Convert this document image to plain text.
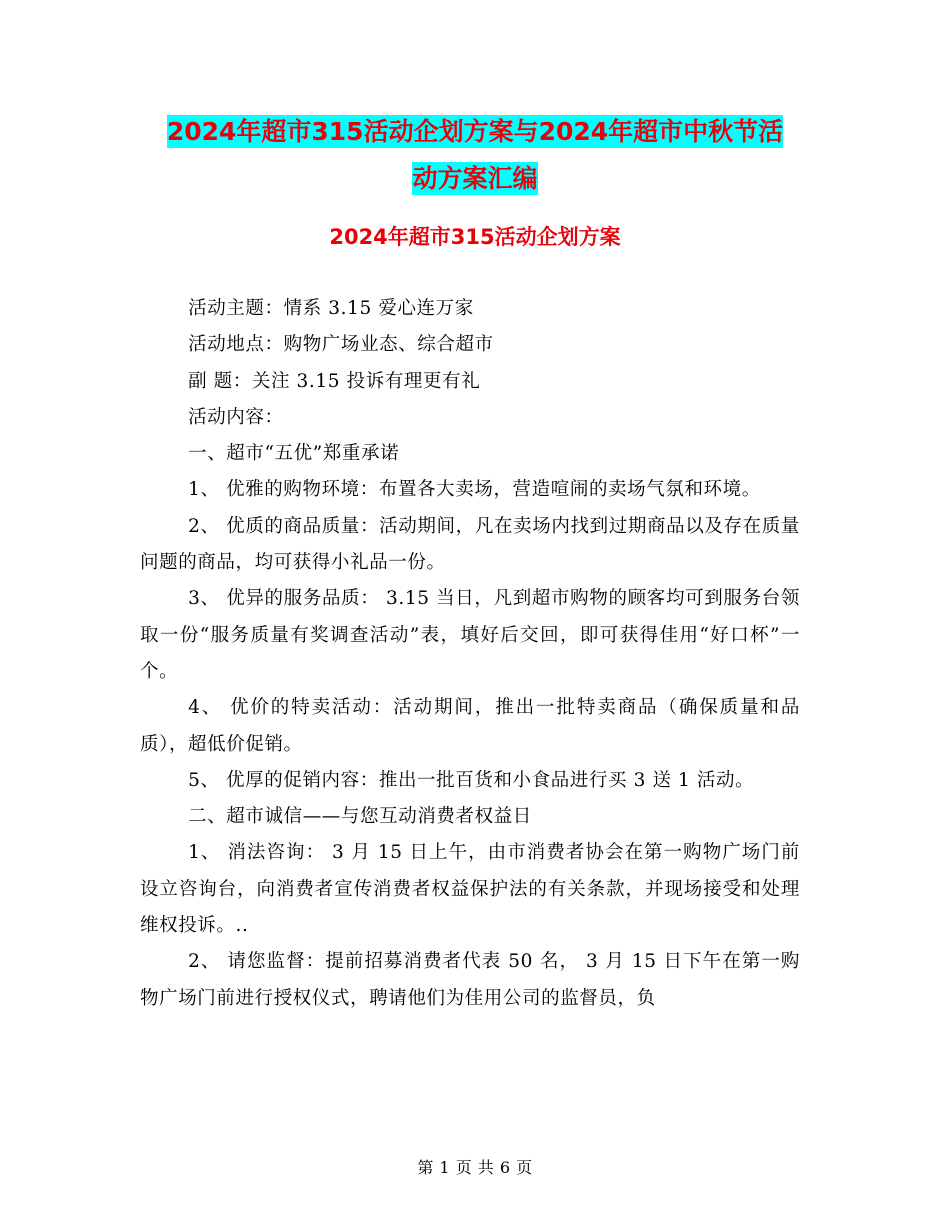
2024年超市315活动企划方案与2024年超市中秋节活
动方案汇编
2024年超市315活动企划方案

活动主题：情系 3.15 爱心连万家

活动地点：购物广场业态、综合超市

副 题：关注 3.15 投诉有理更有礼

活动内容：

一、超市“五优”郑重承诺

1、 优雅的购物环境：布置各大卖场，营造喧闹的卖场气氛和环境。

2、 优质的商品质量：活动期间，凡在卖场内找到过期商品以及存在质量问题的商品，均可获得小礼品一份。

3、 优异的服务品质： 3.15 当日，凡到超市购物的顾客均可到服务台领取一份“服务质量有奖调查活动”表，填好后交回，即可获得佳用“好口杯”一个。

4、 优价的特卖活动：活动期间，推出一批特卖商品（确保质量和品质），超低价促销。

5、 优厚的促销内容：推出一批百货和小食品进行买 3 送 1 活动。

二、超市诚信——与您互动消费者权益日

1、 消法咨询： 3 月 15 日上午，由市消费者协会在第一购物广场门前设立咨询台，向消费者宣传消费者权益保护法的有关条款，并现场接受和处理维权投诉。..

2、 请您监督：提前招募消费者代表 50 名， 3 月 15 日下午在第一购物广场门前进行授权仪式，聘请他们为佳用公司的监督员，负

第 1 页 共 6 页
